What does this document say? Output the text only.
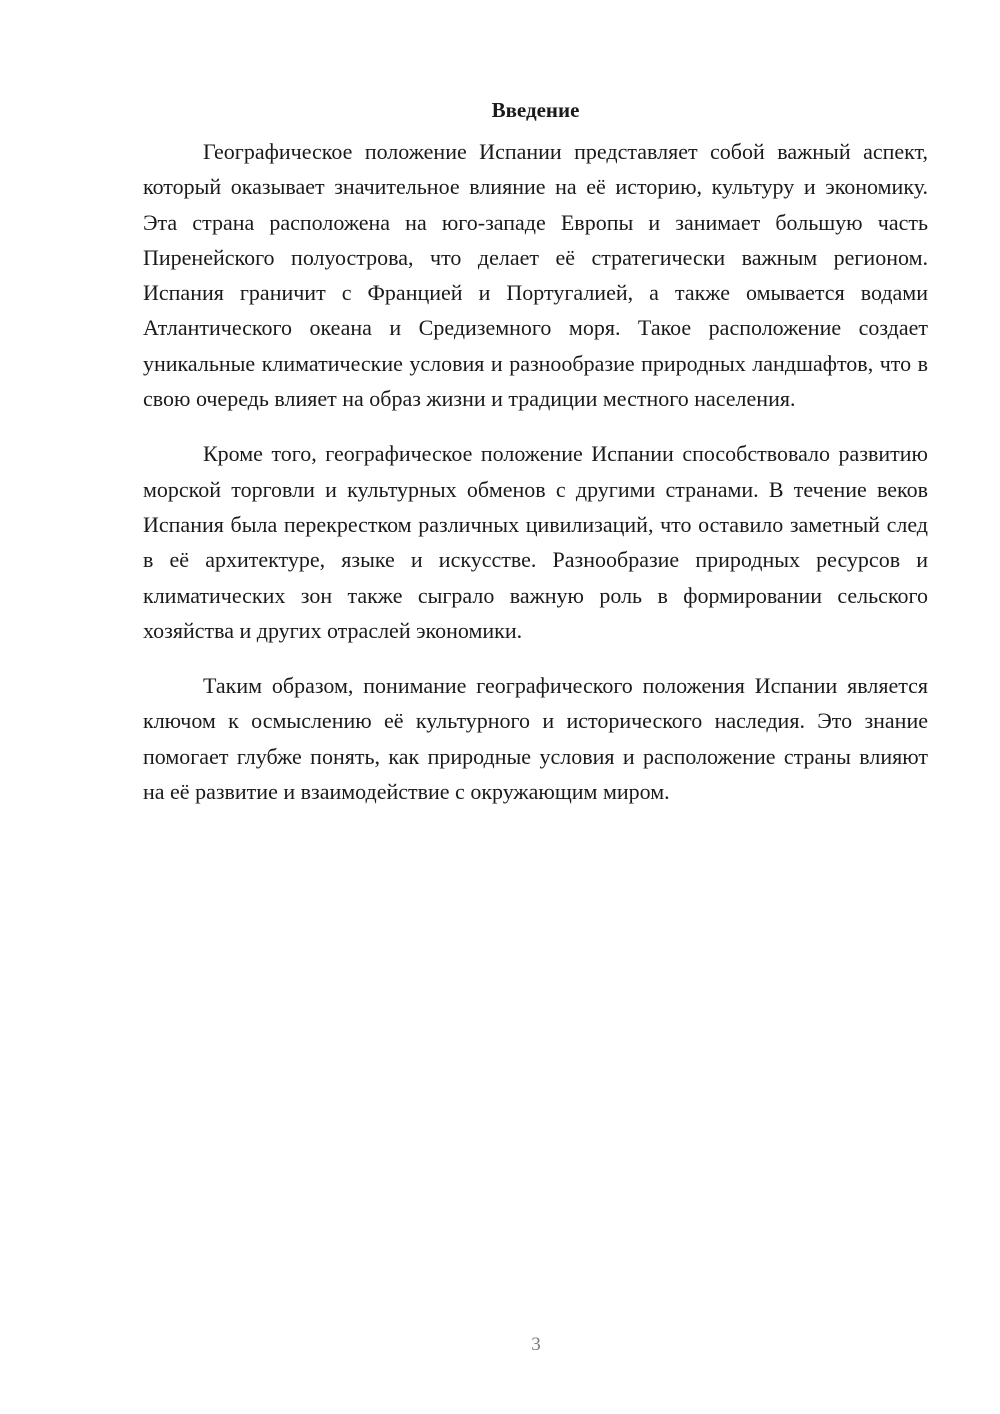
Введение

Географическое положение Испании представляет собой важный аспект, который оказывает значительное влияние на её историю, культуру и экономику. Эта страна расположена на юго-западе Европы и занимает большую часть Пиренейского полуострова, что делает её стратегически важным регионом. Испания граничит с Францией и Португалией, а также омывается водами Атлантического океана и Средиземного моря. Такое расположение создает уникальные климатические условия и разнообразие природных ландшафтов, что в свою очередь влияет на образ жизни и традиции местного населения.

Кроме того, географическое положение Испании способствовало развитию морской торговли и культурных обменов с другими странами. В течение веков Испания была перекрестком различных цивилизаций, что оставило заметный след в её архитектуре, языке и искусстве. Разнообразие природных ресурсов и климатических зон также сыграло важную роль в формировании сельского хозяйства и других отраслей экономики.

Таким образом, понимание географического положения Испании является ключом к осмыслению её культурного и исторического наследия. Это знание помогает глубже понять, как природные условия и расположение страны влияют на её развитие и взаимодействие с окружающим миром.

3
